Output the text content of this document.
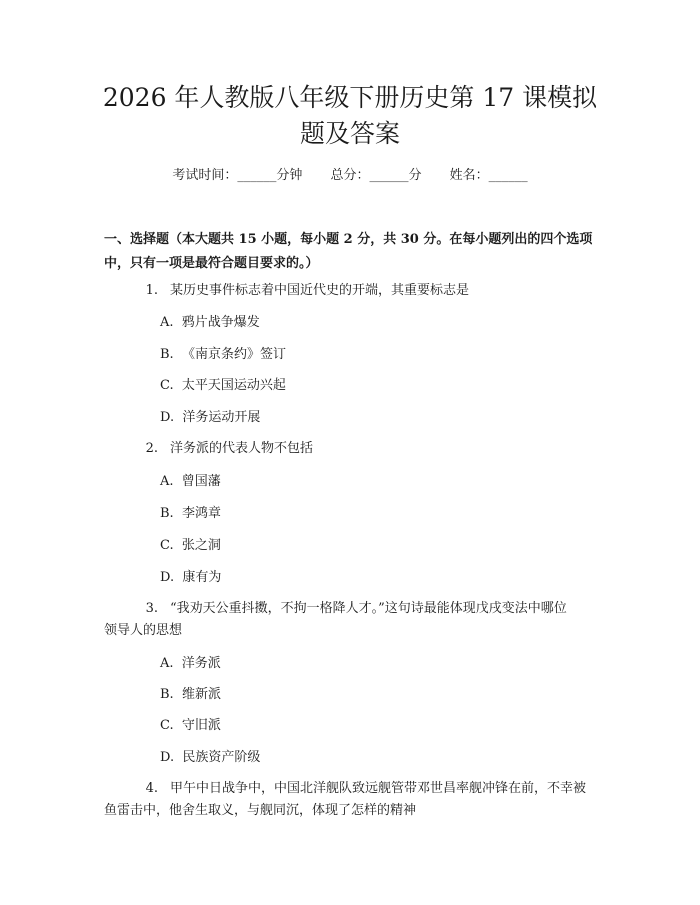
2026 年人教版八年级下册历史第 17 课模拟
题及答案
考试时间：______分钟 总分：______分 姓名：______

一、选择题（本大题共 15 小题，每小题 2 分，共 30 分。在每小题列出的四个选项中，只有一项是最符合题目要求的。）

1. 某历史事件标志着中国近代史的开端，其重要标志是
A.  鸦片战争爆发
B.  《南京条约》签订
C.  太平天国运动兴起
D.  洋务运动开展
2. 洋务派的代表人物不包括
A.  曾国藩
B.  李鸿章
C.  张之洞
D.  康有为
3. “我劝天公重抖擞，不拘一格降人才。”这句诗最能体现戊戌变法中哪位
领导人的思想
A.  洋务派
B.  维新派
C.  守旧派
D.  民族资产阶级
4. 甲午中日战争中，中国北洋舰队致远舰管带邓世昌率舰冲锋在前，不幸被
鱼雷击中，他舍生取义，与舰同沉，体现了怎样的精神
